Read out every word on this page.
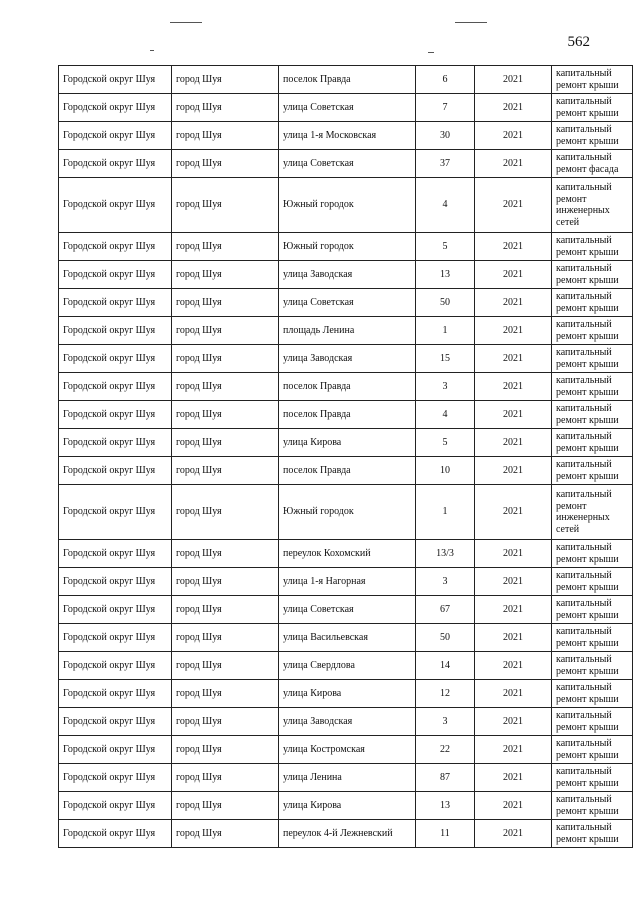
562
Городской округ Шуя	город Шуя	поселок Правда	6	2021	капитальный ремонт крыши
Городской округ Шуя	город Шуя	улица Советская	7	2021	капитальный ремонт крыши
Городской округ Шуя	город Шуя	улица 1-я Московская	30	2021	капитальный ремонт крыши
Городской округ Шуя	город Шуя	улица Советская	37	2021	капитальный ремонт фасада
Городской округ Шуя	город Шуя	Южный городок	4	2021	капитальный ремонт инженерных сетей
Городской округ Шуя	город Шуя	Южный городок	5	2021	капитальный ремонт крыши
Городской округ Шуя	город Шуя	улица Заводская	13	2021	капитальный ремонт крыши
Городской округ Шуя	город Шуя	улица Советская	50	2021	капитальный ремонт крыши
Городской округ Шуя	город Шуя	площадь Ленина	1	2021	капитальный ремонт крыши
Городской округ Шуя	город Шуя	улица Заводская	15	2021	капитальный ремонт крыши
Городской округ Шуя	город Шуя	поселок Правда	3	2021	капитальный ремонт крыши
Городской округ Шуя	город Шуя	поселок Правда	4	2021	капитальный ремонт крыши
Городской округ Шуя	город Шуя	улица Кирова	5	2021	капитальный ремонт крыши
Городской округ Шуя	город Шуя	поселок Правда	10	2021	капитальный ремонт крыши
Городской округ Шуя	город Шуя	Южный городок	1	2021	капитальный ремонт инженерных сетей
Городской округ Шуя	город Шуя	переулок Кохомский	13/3	2021	капитальный ремонт крыши
Городской округ Шуя	город Шуя	улица 1-я Нагорная	3	2021	капитальный ремонт крыши
Городской округ Шуя	город Шуя	улица Советская	67	2021	капитальный ремонт крыши
Городской округ Шуя	город Шуя	улица Васильевская	50	2021	капитальный ремонт крыши
Городской округ Шуя	город Шуя	улица Свердлова	14	2021	капитальный ремонт крыши
Городской округ Шуя	город Шуя	улица Кирова	12	2021	капитальный ремонт крыши
Городской округ Шуя	город Шуя	улица Заводская	3	2021	капитальный ремонт крыши
Городской округ Шуя	город Шуя	улица Костромская	22	2021	капитальный ремонт крыши
Городской округ Шуя	город Шуя	улица Ленина	87	2021	капитальный ремонт крыши
Городской округ Шуя	город Шуя	улица Кирова	13	2021	капитальный ремонт крыши
Городской округ Шуя	город Шуя	переулок 4-й Лежневский	11	2021	капитальный ремонт крыши
